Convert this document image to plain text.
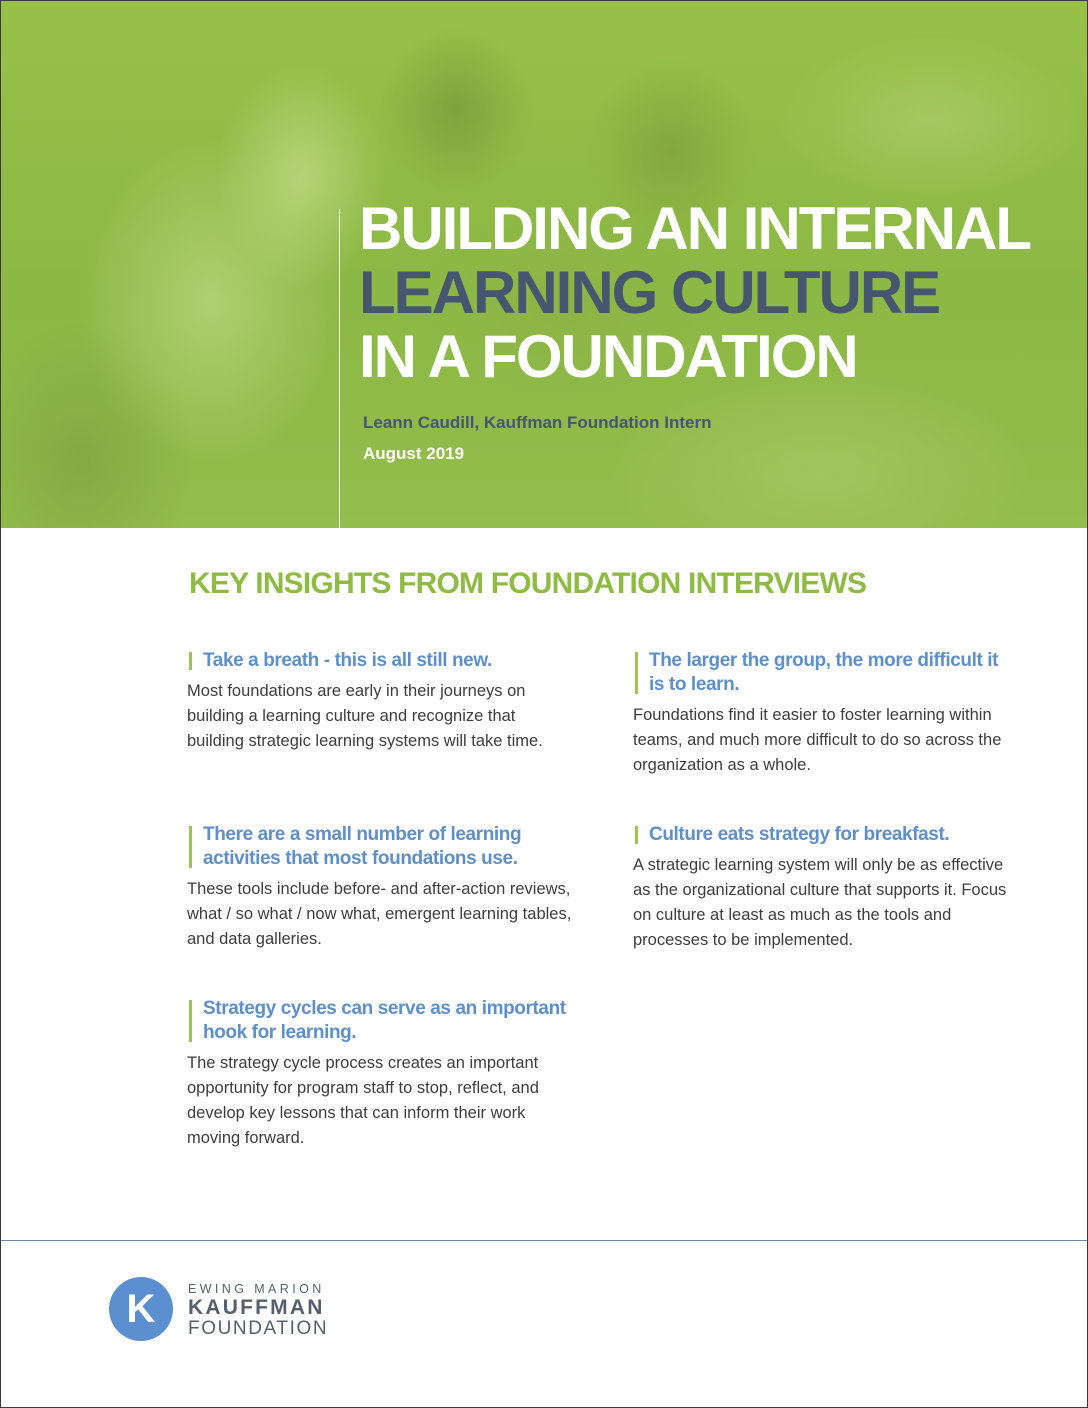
BUILDING AN INTERNAL
LEARNING CULTURE
IN A FOUNDATION
Leann Caudill, Kauffman Foundation Intern
August 2019
KEY INSIGHTS FROM FOUNDATION INTERVIEWS
Take a breath - this is all still new.

Most foundations are early in their journeys on building a learning culture and recognize that building strategic learning systems will take time.

There are a small number of learning activities that most foundations use.

These tools include before- and after-action reviews, what / so what / now what, emergent learning tables, and data galleries.

Strategy cycles can serve as an important hook for learning.

The strategy cycle process creates an important opportunity for program staff to stop, reflect, and develop key lessons that can inform their work moving forward.

The larger the group, the more difficult it is to learn.

Foundations find it easier to foster learning within teams, and much more difficult to do so across the organization as a whole.

Culture eats strategy for breakfast.

A strategic learning system will only be as effective as the organizational culture that supports it. Focus on culture at least as much as the tools and processes to be implemented.

K	EWING MARION
KAUFFMAN
FOUNDATION
